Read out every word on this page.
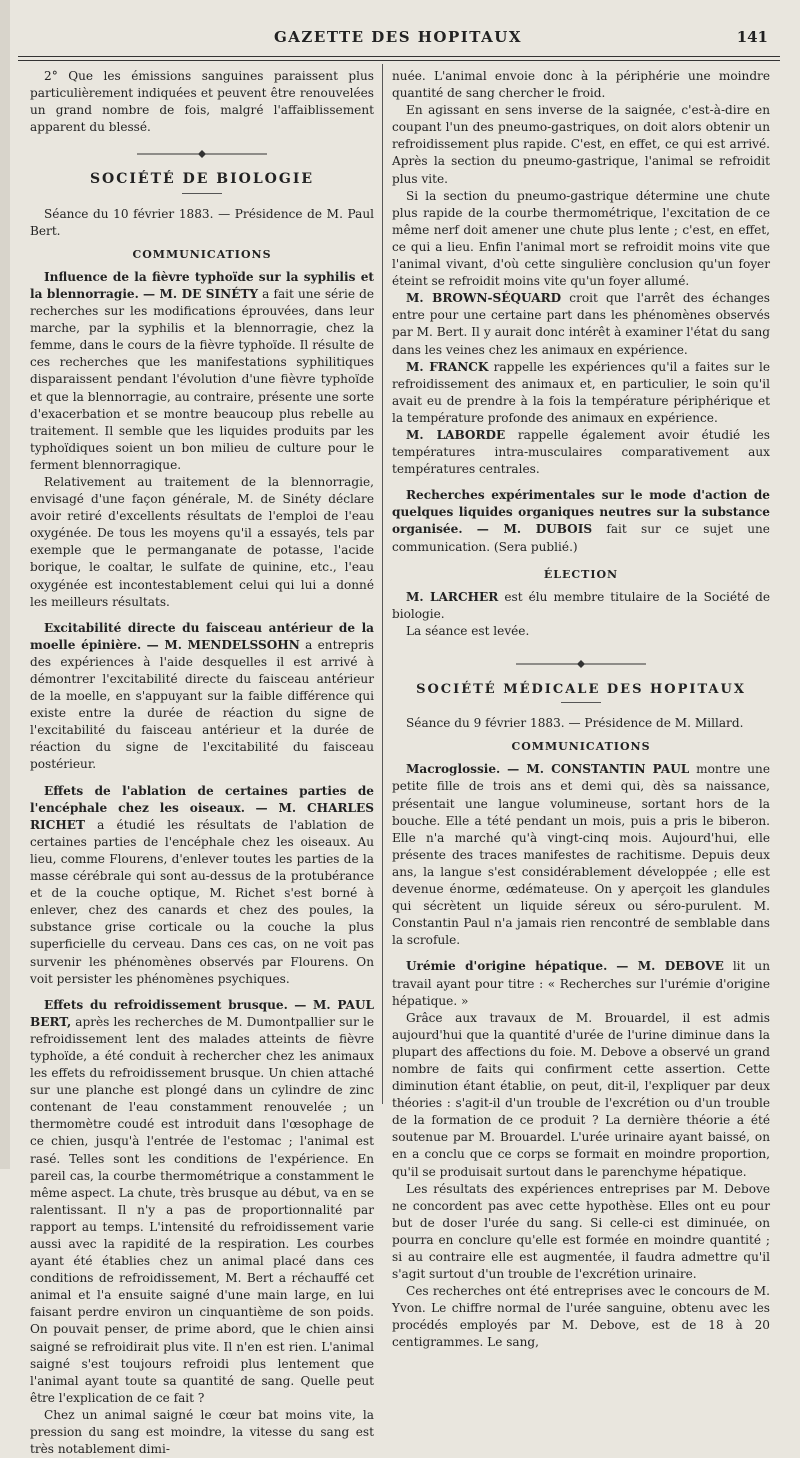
GAZETTE DES HOPITAUX	141

2° Que les émissions sanguines paraissent plus particulièrement indiquées et peuvent être renouvelées un grand nombre de fois, malgré l'affaiblissement apparent du blessé.

SOCIÉTÉ DE BIOLOGIE

Séance du 10 février 1883. — Présidence de M. Paul Bert.

COMMUNICATIONS

Influence de la fièvre typhoïde sur la syphilis et la blennorragie. — M. DE SINÉTY a fait une série de recherches sur les modifications éprouvées, dans leur marche, par la syphilis et la blennorragie, chez la femme, dans le cours de la fièvre typhoïde. Il résulte de ces recherches que les manifestations syphilitiques disparaissent pendant l'évolution d'une fièvre typhoïde et que la blennorragie, au contraire, présente une sorte d'exacerbation et se montre beaucoup plus rebelle au traitement. Il semble que les liquides produits par les typhoïdiques soient un bon milieu de culture pour le ferment blennorragique.

Relativement au traitement de la blennorragie, envisagé d'une façon générale, M. de Sinéty déclare avoir retiré d'excellents résultats de l'emploi de l'eau oxygénée. De tous les moyens qu'il a essayés, tels par exemple que le permanganate de potasse, l'acide borique, le coaltar, le sulfate de quinine, etc., l'eau oxygénée est incontestablement celui qui lui a donné les meilleurs résultats.

Excitabilité directe du faisceau antérieur de la moelle épinière. — M. MENDELSSOHN a entrepris des expériences à l'aide desquelles il est arrivé à démontrer l'excitabilité directe du faisceau antérieur de la moelle, en s'appuyant sur la faible différence qui existe entre la durée de réaction du signe de l'excitabilité du faisceau antérieur et la durée de réaction du signe de l'excitabilité du faisceau postérieur.

Effets de l'ablation de certaines parties de l'encéphale chez les oiseaux. — M. CHARLES RICHET a étudié les résultats de l'ablation de certaines parties de l'encéphale chez les oiseaux. Au lieu, comme Flourens, d'enlever toutes les parties de la masse cérébrale qui sont au-dessus de la protubérance et de la couche optique, M. Richet s'est borné à enlever, chez des canards et chez des poules, la substance grise corticale ou la couche la plus superficielle du cerveau. Dans ces cas, on ne voit pas survenir les phénomènes observés par Flourens. On voit persister les phénomènes psychiques.

Effets du refroidissement brusque. — M. PAUL BERT, après les recherches de M. Dumontpallier sur le refroidissement lent des malades atteints de fièvre typhoïde, a été conduit à rechercher chez les animaux les effets du refroidissement brusque. Un chien attaché sur une planche est plongé dans un cylindre de zinc contenant de l'eau constamment renouvelée ; un thermomètre coudé est introduit dans l'œsophage de ce chien, jusqu'à l'entrée de l'estomac ; l'animal est rasé. Telles sont les conditions de l'expérience. En pareil cas, la courbe thermométrique a constamment le même aspect. La chute, très brusque au début, va en se ralentissant. Il n'y a pas de proportionnalité par rapport au temps. L'intensité du refroidissement varie aussi avec la rapidité de la respiration. Les courbes ayant été établies chez un animal placé dans ces conditions de refroidissement, M. Bert a réchauffé cet animal et l'a ensuite saigné d'une main large, en lui faisant perdre environ un cinquantième de son poids. On pouvait penser, de prime abord, que le chien ainsi saigné se refroidirait plus vite. Il n'en est rien. L'animal saigné s'est toujours refroidi plus lentement que l'animal ayant toute sa quantité de sang. Quelle peut être l'explication de ce fait ?

Chez un animal saigné le cœur bat moins vite, la pression du sang est moindre, la vitesse du sang est très notablement dimi-

nuée. L'animal envoie donc à la périphérie une moindre quantité de sang chercher le froid.

En agissant en sens inverse de la saignée, c'est-à-dire en coupant l'un des pneumo-gastriques, on doit alors obtenir un refroidissement plus rapide. C'est, en effet, ce qui est arrivé. Après la section du pneumo-gastrique, l'animal se refroidit plus vite.

Si la section du pneumo-gastrique détermine une chute plus rapide de la courbe thermométrique, l'excitation de ce même nerf doit amener une chute plus lente ; c'est, en effet, ce qui a lieu. Enfin l'animal mort se refroidit moins vite que l'animal vivant, d'où cette singulière conclusion qu'un foyer éteint se refroidit moins vite qu'un foyer allumé.

M. BROWN-SÉQUARD croit que l'arrêt des échanges entre pour une certaine part dans les phénomènes observés par M. Bert. Il y aurait donc intérêt à examiner l'état du sang dans les veines chez les animaux en expérience.

M. FRANCK rappelle les expériences qu'il a faites sur le refroidissement des animaux et, en particulier, le soin qu'il avait eu de prendre à la fois la température périphérique et la température profonde des animaux en expérience.

M. LABORDE rappelle également avoir étudié les températures intra-musculaires comparativement aux températures centrales.

Recherches expérimentales sur le mode d'action de quelques liquides organiques neutres sur la substance organisée. — M. DUBOIS fait sur ce sujet une communication. (Sera publié.)

ÉLECTION

M. LARCHER est élu membre titulaire de la Société de biologie.

La séance est levée.

SOCIÉTÉ MÉDICALE DES HOPITAUX

Séance du 9 février 1883. — Présidence de M. Millard.

COMMUNICATIONS

Macroglossie. — M. CONSTANTIN PAUL montre une petite fille de trois ans et demi qui, dès sa naissance, présentait une langue volumineuse, sortant hors de la bouche. Elle a tété pendant un mois, puis a pris le biberon. Elle n'a marché qu'à vingt-cinq mois. Aujourd'hui, elle présente des traces manifestes de rachitisme. Depuis deux ans, la langue s'est considérablement développée ; elle est devenue énorme, œdémateuse. On y aperçoit les glandules qui sécrètent un liquide séreux ou séro-purulent. M. Constantin Paul n'a jamais rien rencontré de semblable dans la scrofule.

Urémie d'origine hépatique. — M. DEBOVE lit un travail ayant pour titre : « Recherches sur l'urémie d'origine hépatique. »

Grâce aux travaux de M. Brouardel, il est admis aujourd'hui que la quantité d'urée de l'urine diminue dans la plupart des affections du foie. M. Debove a observé un grand nombre de faits qui confirment cette assertion. Cette diminution étant établie, on peut, dit-il, l'expliquer par deux théories : s'agit-il d'un trouble de l'excrétion ou d'un trouble de la formation de ce produit ? La dernière théorie a été soutenue par M. Brouardel. L'urée urinaire ayant baissé, on en a conclu que ce corps se formait en moindre proportion, qu'il se produisait surtout dans le parenchyme hépatique.

Les résultats des expériences entreprises par M. Debove ne concordent pas avec cette hypothèse. Elles ont eu pour but de doser l'urée du sang. Si celle-ci est diminuée, on pourra en conclure qu'elle est formée en moindre quantité ; si au contraire elle est augmentée, il faudra admettre qu'il s'agit surtout d'un trouble de l'excrétion urinaire.

Ces recherches ont été entreprises avec le concours de M. Yvon. Le chiffre normal de l'urée sanguine, obtenu avec les procédés employés par M. Debove, est de 18 à 20 centigrammes. Le sang,
